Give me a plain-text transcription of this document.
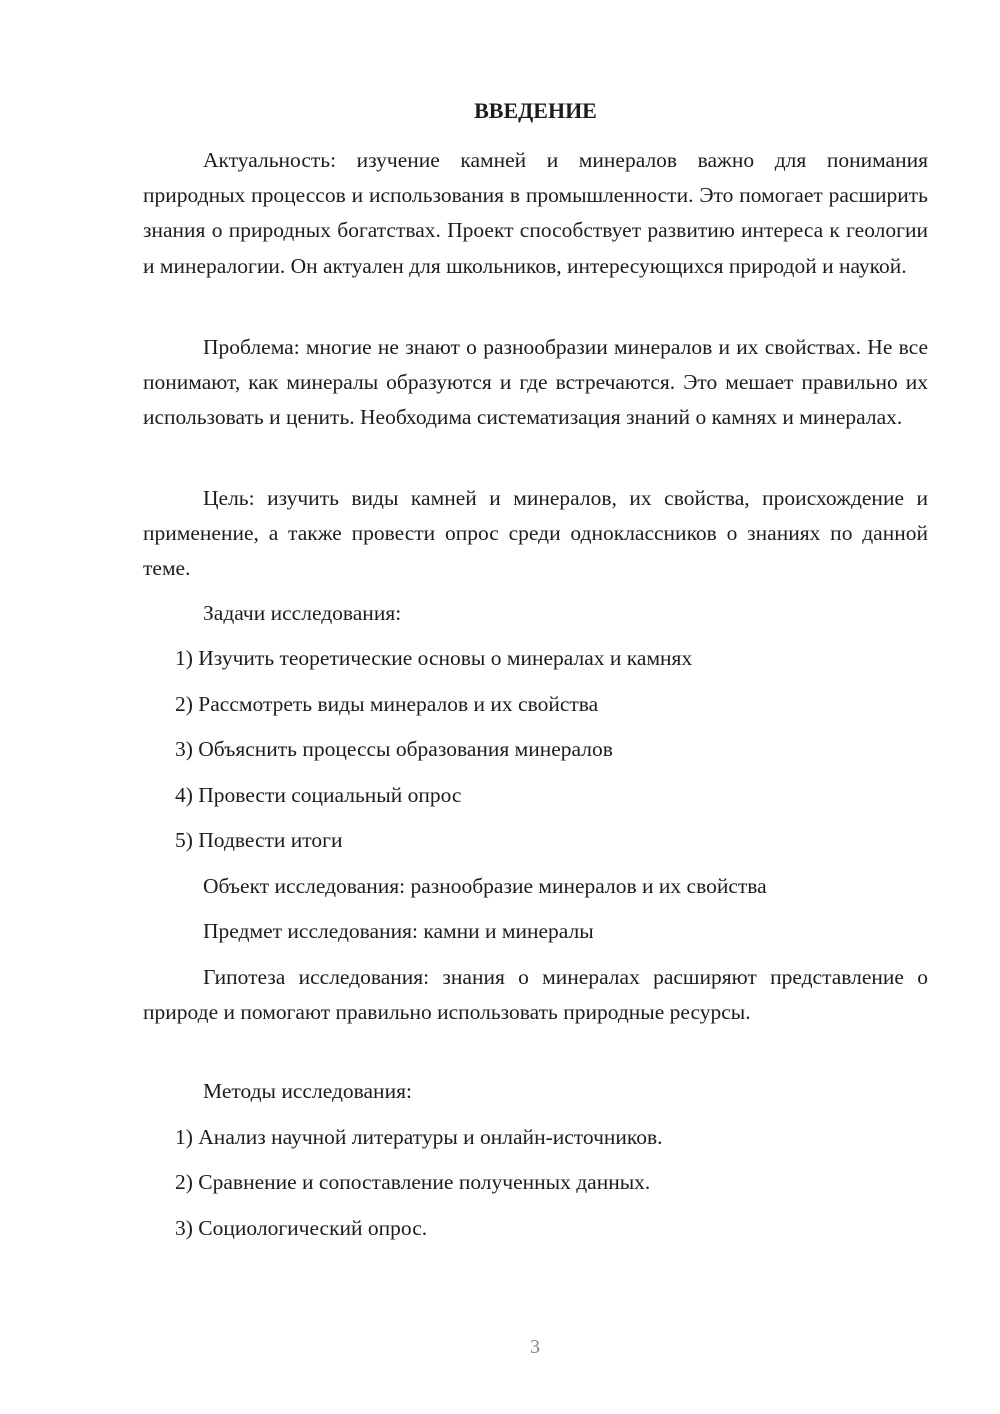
ВВЕДЕНИЕ

Актуальность: изучение камней и минералов важно для понимания природных процессов и использования в промышленности. Это помогает расширить знания о природных богатствах. Проект способствует развитию интереса к геологии и минералогии. Он актуален для школьников, интересующихся природой и наукой.

Проблема: многие не знают о разнообразии минералов и их свойствах. Не все понимают, как минералы образуются и где встречаются. Это мешает правильно их использовать и ценить. Необходима систематизация знаний о камнях и минералах.

Цель: изучить виды камней и минералов, их свойства, происхождение и применение, а также провести опрос среди одноклассников о знаниях по данной теме.

Задачи исследования:

1) Изучить теоретические основы о минералах и камнях

2) Рассмотреть виды минералов и их свойства

3) Объяснить процессы образования минералов

4) Провести социальный опрос

5) Подвести итоги

Объект исследования: разнообразие минералов и их свойства

Предмет исследования: камни и минералы

Гипотеза исследования: знания о минералах расширяют представление о природе и помогают правильно использовать природные ресурсы.

Методы исследования:

1) Анализ научной литературы и онлайн-источников.

2) Сравнение и сопоставление полученных данных.

3) Социологический опрос.

3
